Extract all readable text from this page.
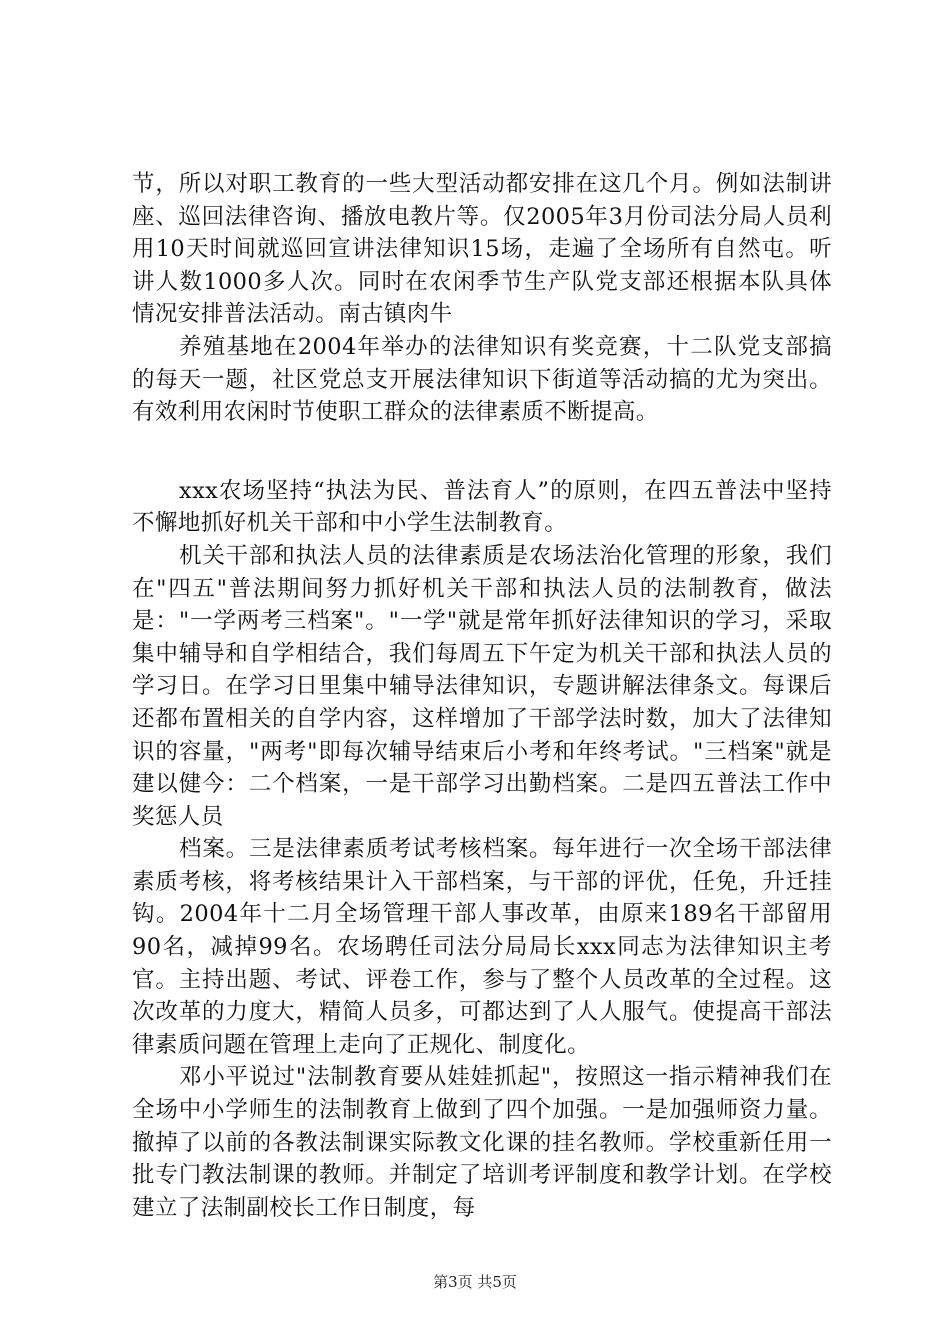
节，所以对职工教育的一些大型活动都安排在这几个月。例如法制讲座、巡回法律咨询、播放电教片等。仅2005年3月份司法分局人员利用10天时间就巡回宣讲法律知识15场，走遍了全场所有自然屯。听讲人数1000多人次。同时在农闲季节生产队党支部还根据本队具体情况安排普法活动。南古镇肉牛

养殖基地在2004年举办的法律知识有奖竞赛，十二队党支部搞的每天一题，社区党总支开展法律知识下街道等活动搞的尤为突出。有效利用农闲时节使职工群众的法律素质不断提高。

xxx农场坚持“执法为民、普法育人”的原则，在四五普法中坚持不懈地抓好机关干部和中小学生法制教育。

机关干部和执法人员的法律素质是农场法治化管理的形象，我们在"四五"普法期间努力抓好机关干部和执法人员的法制教育，做法是："一学两考三档案"。"一学"就是常年抓好法律知识的学习，采取集中辅导和自学相结合，我们每周五下午定为机关干部和执法人员的学习日。在学习日里集中辅导法律知识，专题讲解法律条文。每课后还都布置相关的自学内容，这样增加了干部学法时数，加大了法律知识的容量，"两考"即每次辅导结束后小考和年终考试。"三档案"就是建以健今：二个档案，一是干部学习出勤档案。二是四五普法工作中奖惩人员

档案。三是法律素质考试考核档案。每年进行一次全场干部法律素质考核，将考核结果计入干部档案，与干部的评优，任免，升迁挂钩。2004年十二月全场管理干部人事改革，由原来189名干部留用90名，减掉99名。农场聘任司法分局局长xxx同志为法律知识主考官。主持出题、考试、评卷工作，参与了整个人员改革的全过程。这次改革的力度大，精简人员多，可都达到了人人服气。使提高干部法律素质问题在管理上走向了正规化、制度化。

邓小平说过"法制教育要从娃娃抓起"，按照这一指示精神我们在全场中小学师生的法制教育上做到了四个加强。一是加强师资力量。撤掉了以前的各教法制课实际教文化课的挂名教师。学校重新任用一批专门教法制课的教师。并制定了培训考评制度和教学计划。在学校建立了法制副校长工作日制度，每

第3页 共5页
